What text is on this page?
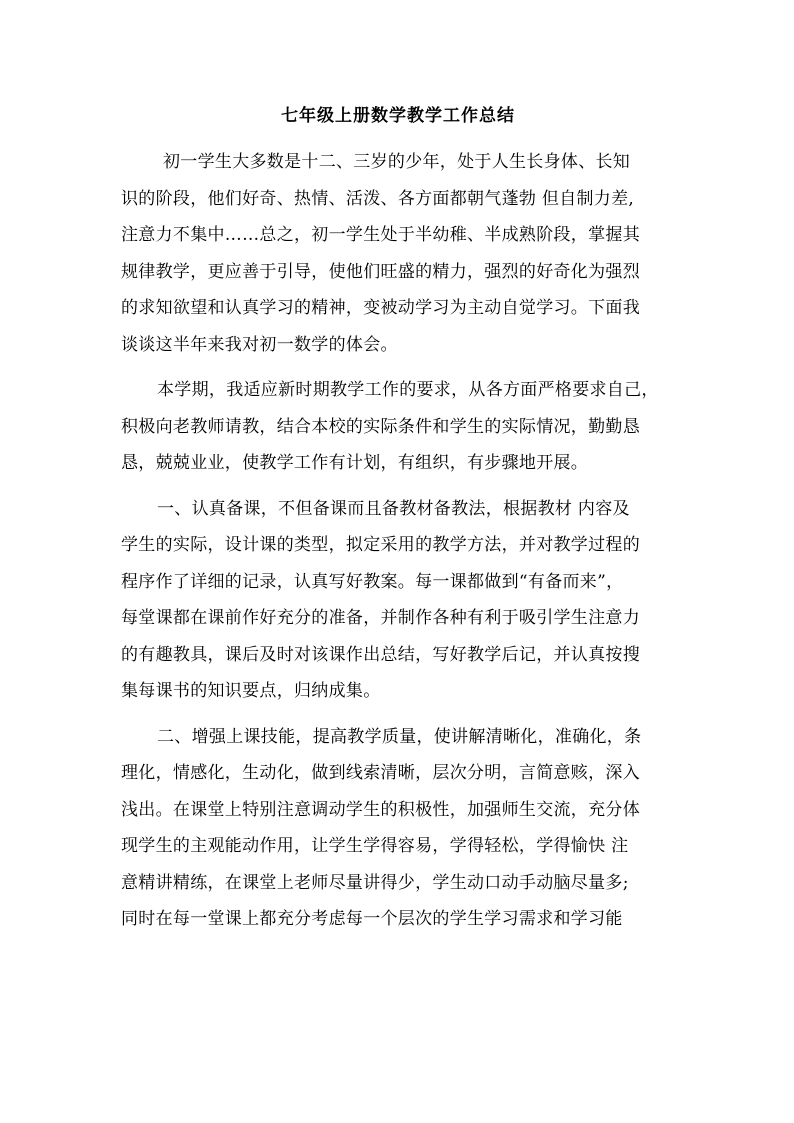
七年级上册数学教学工作总结
初一学生大多数是十二、三岁的少年，处于人生长身体、长知
识的阶段，他们好奇、热情、活泼、各方面都朝气蓬勃 但自制力差,
注意力不集中……总之，初一学生处于半幼稚、半成熟阶段，掌握其
规律教学，更应善于引导，使他们旺盛的精力，强烈的好奇化为强烈
的求知欲望和认真学习的精神，变被动学习为主动自觉学习。下面我
谈谈这半年来我对初一数学的体会。
本学期，我适应新时期教学工作的要求，从各方面严格要求自己，
积极向老教师请教，结合本校的实际条件和学生的实际情况，勤勤恳
恳，兢兢业业，使教学工作有计划，有组织，有步骤地开展。
一、认真备课，不但备课而且备教材备教法，根据教材 内容及
学生的实际，设计课的类型，拟定采用的教学方法，并对教学过程的
程序作了详细的记录，认真写好教案。每一课都做到“有备而来”，
每堂课都在课前作好充分的准备，并制作各种有利于吸引学生注意力
的有趣教具，课后及时对该课作出总结，写好教学后记，并认真按搜
集每课书的知识要点，归纳成集。
二、增强上课技能，提高教学质量，使讲解清晰化，准确化，条
理化，情感化，生动化，做到线索清晰，层次分明，言简意赅，深入
浅出。在课堂上特别注意调动学生的积极性，加强师生交流，充分体
现学生的主观能动作用，让学生学得容易，学得轻松，学得愉快 注
意精讲精练，在课堂上老师尽量讲得少，学生动口动手动脑尽量多;
同时在每一堂课上都充分考虑每一个层次的学生学习需求和学习能
